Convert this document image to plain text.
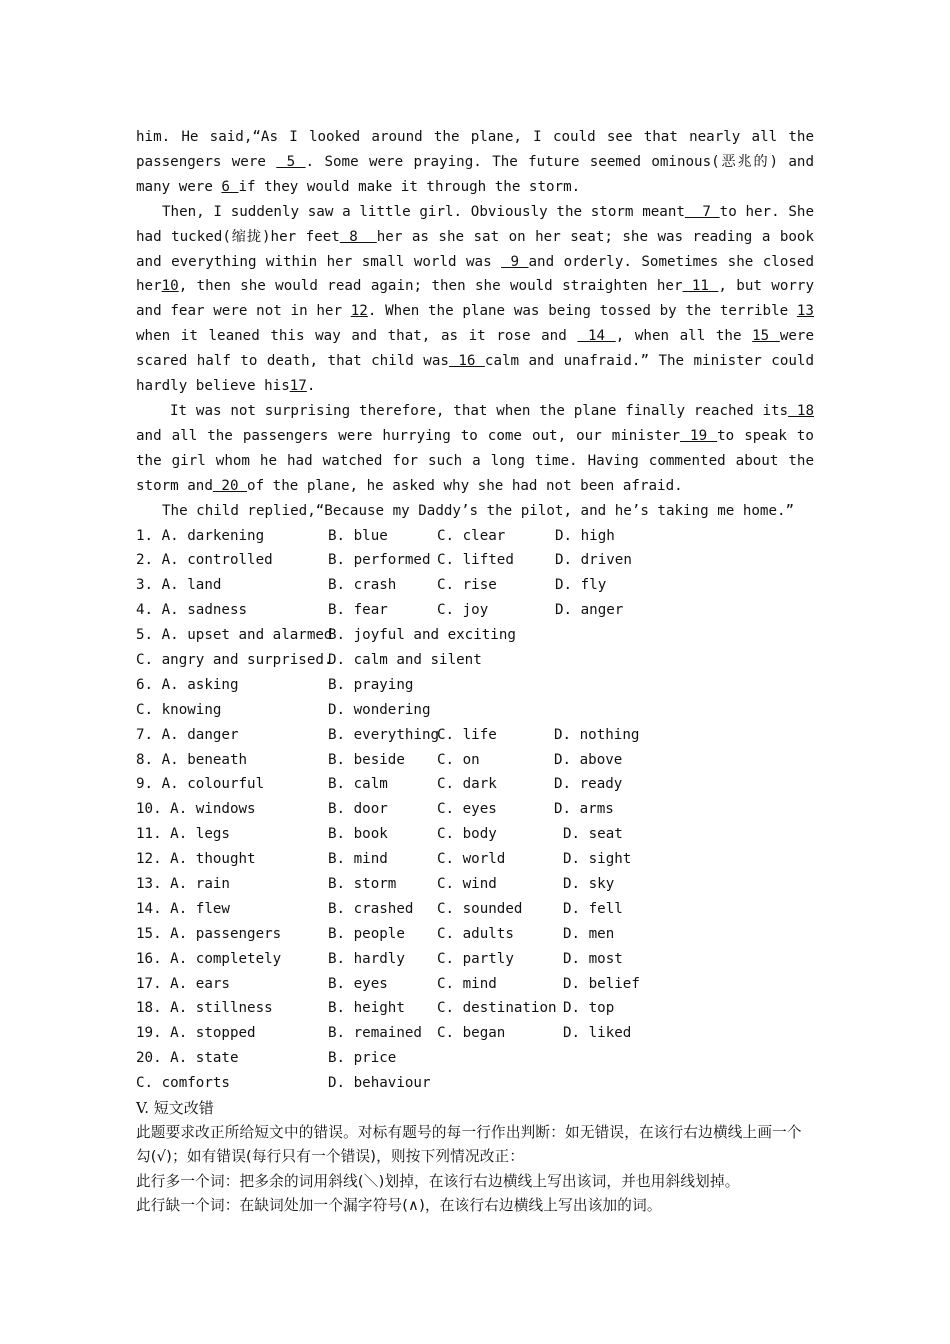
him. He said,“As I looked around the plane, I could see that nearly all the passengers were  5 . Some were praying. The future seemed ominous(恶兆的) and many were 6 if they would make it through the storm.

Then, I suddenly saw a little girl. Obviously the storm meant  7 to her. She had tucked(缩拢)her feet 8  her as she sat on her seat; she was reading a book and everything within her small world was  9 and orderly. Sometimes she closed her10, then she would read again; then she would straighten her 11 , but worry and fear were not in her 12. When the plane was being tossed by the terrible 13 when it leaned this way and that, as it rose and  14 , when all the 15 were scared half to death, that child was 16 calm and unafraid.” The minister could hardly believe his17.

It was not surprising therefore, that when the plane finally reached its 18 and all the passengers were hurrying to come out, our minister 19 to speak to the girl whom he had watched for such a long time. Having commented about the storm and 20 of the plane, he asked why she had not been afraid.

The child replied,“Because my Daddy’s the pilot, and he’s taking me home.”

1. A. darkening	B. blue	C. clear	D. high
2. A. controlled	B. performed C. lifted	D. driven
3. A. land	B. crash	C. rise	D. fly
4. A. sadness	B. fear	C. joy	D. anger
5. A. upset and alarmed
B. joyful and exciting
C. angry and surprised.
D. calm and silent
6. A. asking	B. praying
C. knowing	D. wondering
7. A. danger	B. everything
C. life	D. nothing
8. A. beneath	B. beside	C. on	D. above
9. A. colourful	B. calm	C. dark	D. ready
10. A. windows	B. door	C. eyes	D. arms
11. A. legs	B. book	C. body	D. seat
12. A. thought	B. mind	C. world	D. sight
13. A. rain	B. storm	C. wind	D. sky
14. A. flew	B. crashed	C. sounded	D. fell
15. A. passengers	B. people	C. adults	D. men
16. A. completely	B. hardly	C. partly	D. most
17. A. ears	B. eyes	C. mind	D. belief
18. A. stillness	B. height	C. destination D. top
19. A. stopped	B. remained	C. began	D. liked
20. A. state	B. price
C. comforts	D. behaviour

V. 短文改错

此题要求改正所给短文中的错误。对标有题号的每一行作出判断：如无错误，在该行右边横线上画一个勾(√)；如有错误(每行只有一个错误)，则按下列情况改正：

此行多一个词：把多余的词用斜线(＼)划掉，在该行右边横线上写出该词，并也用斜线划掉。

此行缺一个词：在缺词处加一个漏字符号(∧)，在该行右边横线上写出该加的词。
